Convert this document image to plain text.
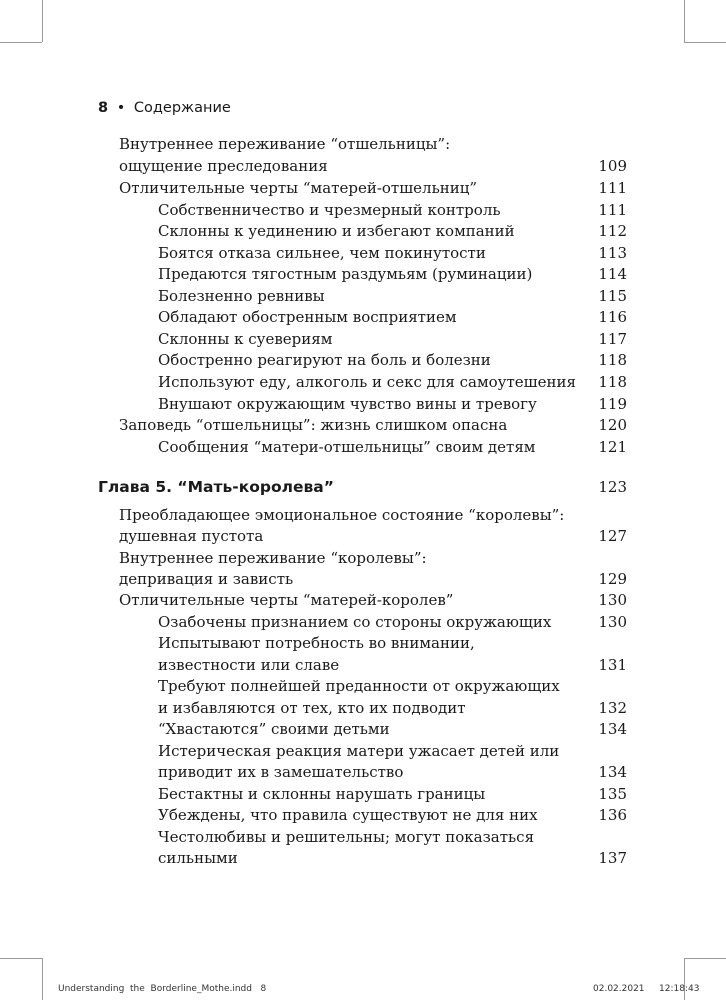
8 • Содержание
Внутреннее переживание “отшельницы”:
ощущение преследования	109
Отличительные черты “матерей-отшельниц”	111
Собственничество и чрезмерный контроль	111
Склонны к уединению и избегают компаний	112
Боятся отказа сильнее, чем покинутости	113
Предаются тягостным раздумьям (руминации)	114
Болезненно ревнивы	115
Обладают обостренным восприятием	116
Склонны к суевериям	117
Обостренно реагируют на боль и болезни	118
Используют еду, алкоголь и секс для самоутешения	118
Внушают окружающим чувство вины и тревогу	119
Заповедь “отшельницы”: жизнь слишком опасна	120
Сообщения “матери-отшельницы” своим детям	121
Глава 5. “Мать-королева”	123
Преобладающее эмоциональное состояние “королевы”:
душевная пустота	127
Внутреннее переживание “королевы”:
депривация и зависть	129
Отличительные черты “матерей-королев”	130
Озабочены признанием со стороны окружающих	130
Испытывают потребность во внимании,
известности или славе	131
Требуют полнейшей преданности от окружающих
и избавляются от тех, кто их подводит	132
“Хвастаются” своими детьми	134
Истерическая реакция матери ужасает детей или
приводит их в замешательство	134
Бестактны и склонны нарушать границы	135
Убеждены, что правила существуют не для них	136
Честолюбивы и решительны; могут показаться
сильными	137
Understanding  the  Borderline_Mothe.indd   8	02.02.2021 12:18:43
